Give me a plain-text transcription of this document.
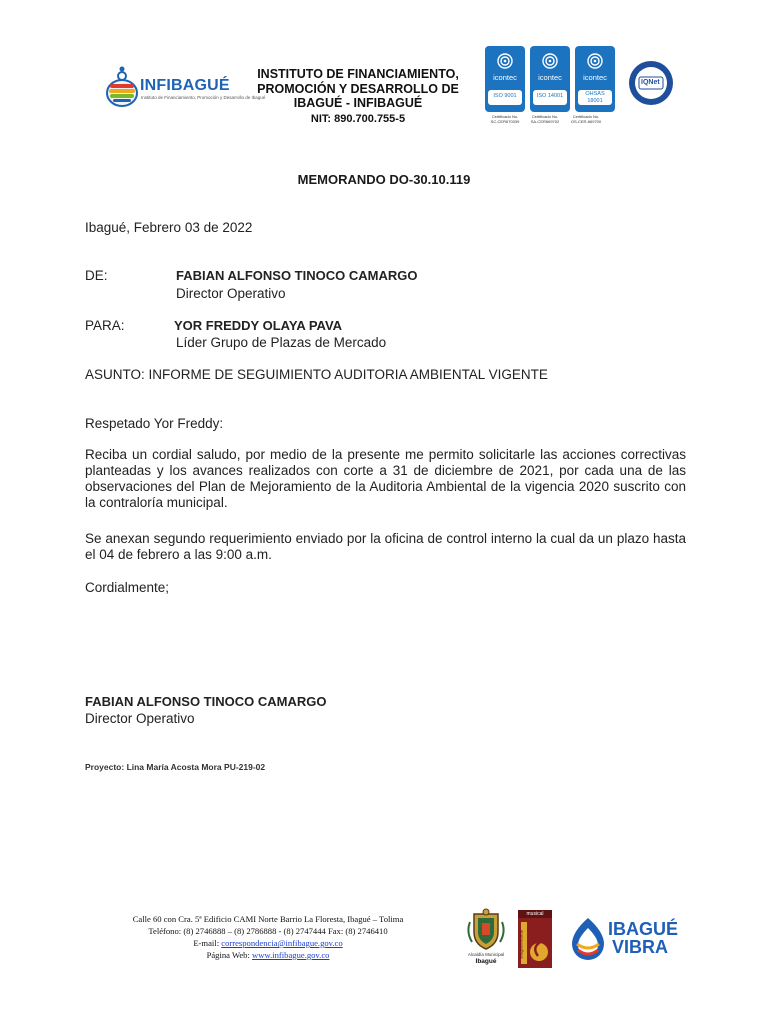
INFIBAGUÉ
Instituto de Financiamiento, Promoción y Desarrollo de Ibagué
INSTITUTO DE FINANCIAMIENTO,
PROMOCIÓN Y DESARROLLO DE
IBAGUÉ - INFIBAGUÉ
NIT: 890.700.755-5
icontec
ISO 9001
icontec
ISO 14001
icontec
OHSAS
18001
Certificado No.
SC-CER670339
Certificado No.
SA-CER669702
Certificado No.
OS-CER-669700
IQNet
MEMORANDO DO-30.10.119
Ibagué, Febrero 03 de 2022
DE:	FABIAN ALFONSO TINOCO CAMARGO
Director Operativo
PARA:	YOR FREDDY OLAYA PAVA
Líder Grupo de Plazas de Mercado
ASUNTO: INFORME DE SEGUIMIENTO AUDITORIA AMBIENTAL VIGENTE
Respetado Yor Freddy:
Reciba un cordial saludo, por medio de la presente me permito solicitarle las acciones correctivas planteadas y los avances realizados con corte a 31 de diciembre de 2021, por cada una de las observaciones del Plan de Mejoramiento de la Auditoria Ambiental de la vigencia 2020 suscrito con la contraloría municipal.
Se anexan segundo requerimiento enviado por la oficina de control interno la cual da un plazo hasta el 04 de febrero a las 9:00 a.m.
Cordialmente;
FABIAN ALFONSO TINOCO CAMARGO
Director Operativo
Proyecto: Lina María Acosta Mora PU-219-02
Calle 60 con Cra. 5ª Edificio CAMI Norte Barrio La Floresta, Ibagué – Tolima
Teléfono: (8) 2746888 – (8) 2786888 - (8) 2747444 Fax: (8) 2746410
E-mail: correspondencia@infibague.gov.co
Página Web: www.infibague.gov.co	Alcaldía Municipal
Ibagué
musical
ibaguéMusical
IBAGUÉ
VIBRA
